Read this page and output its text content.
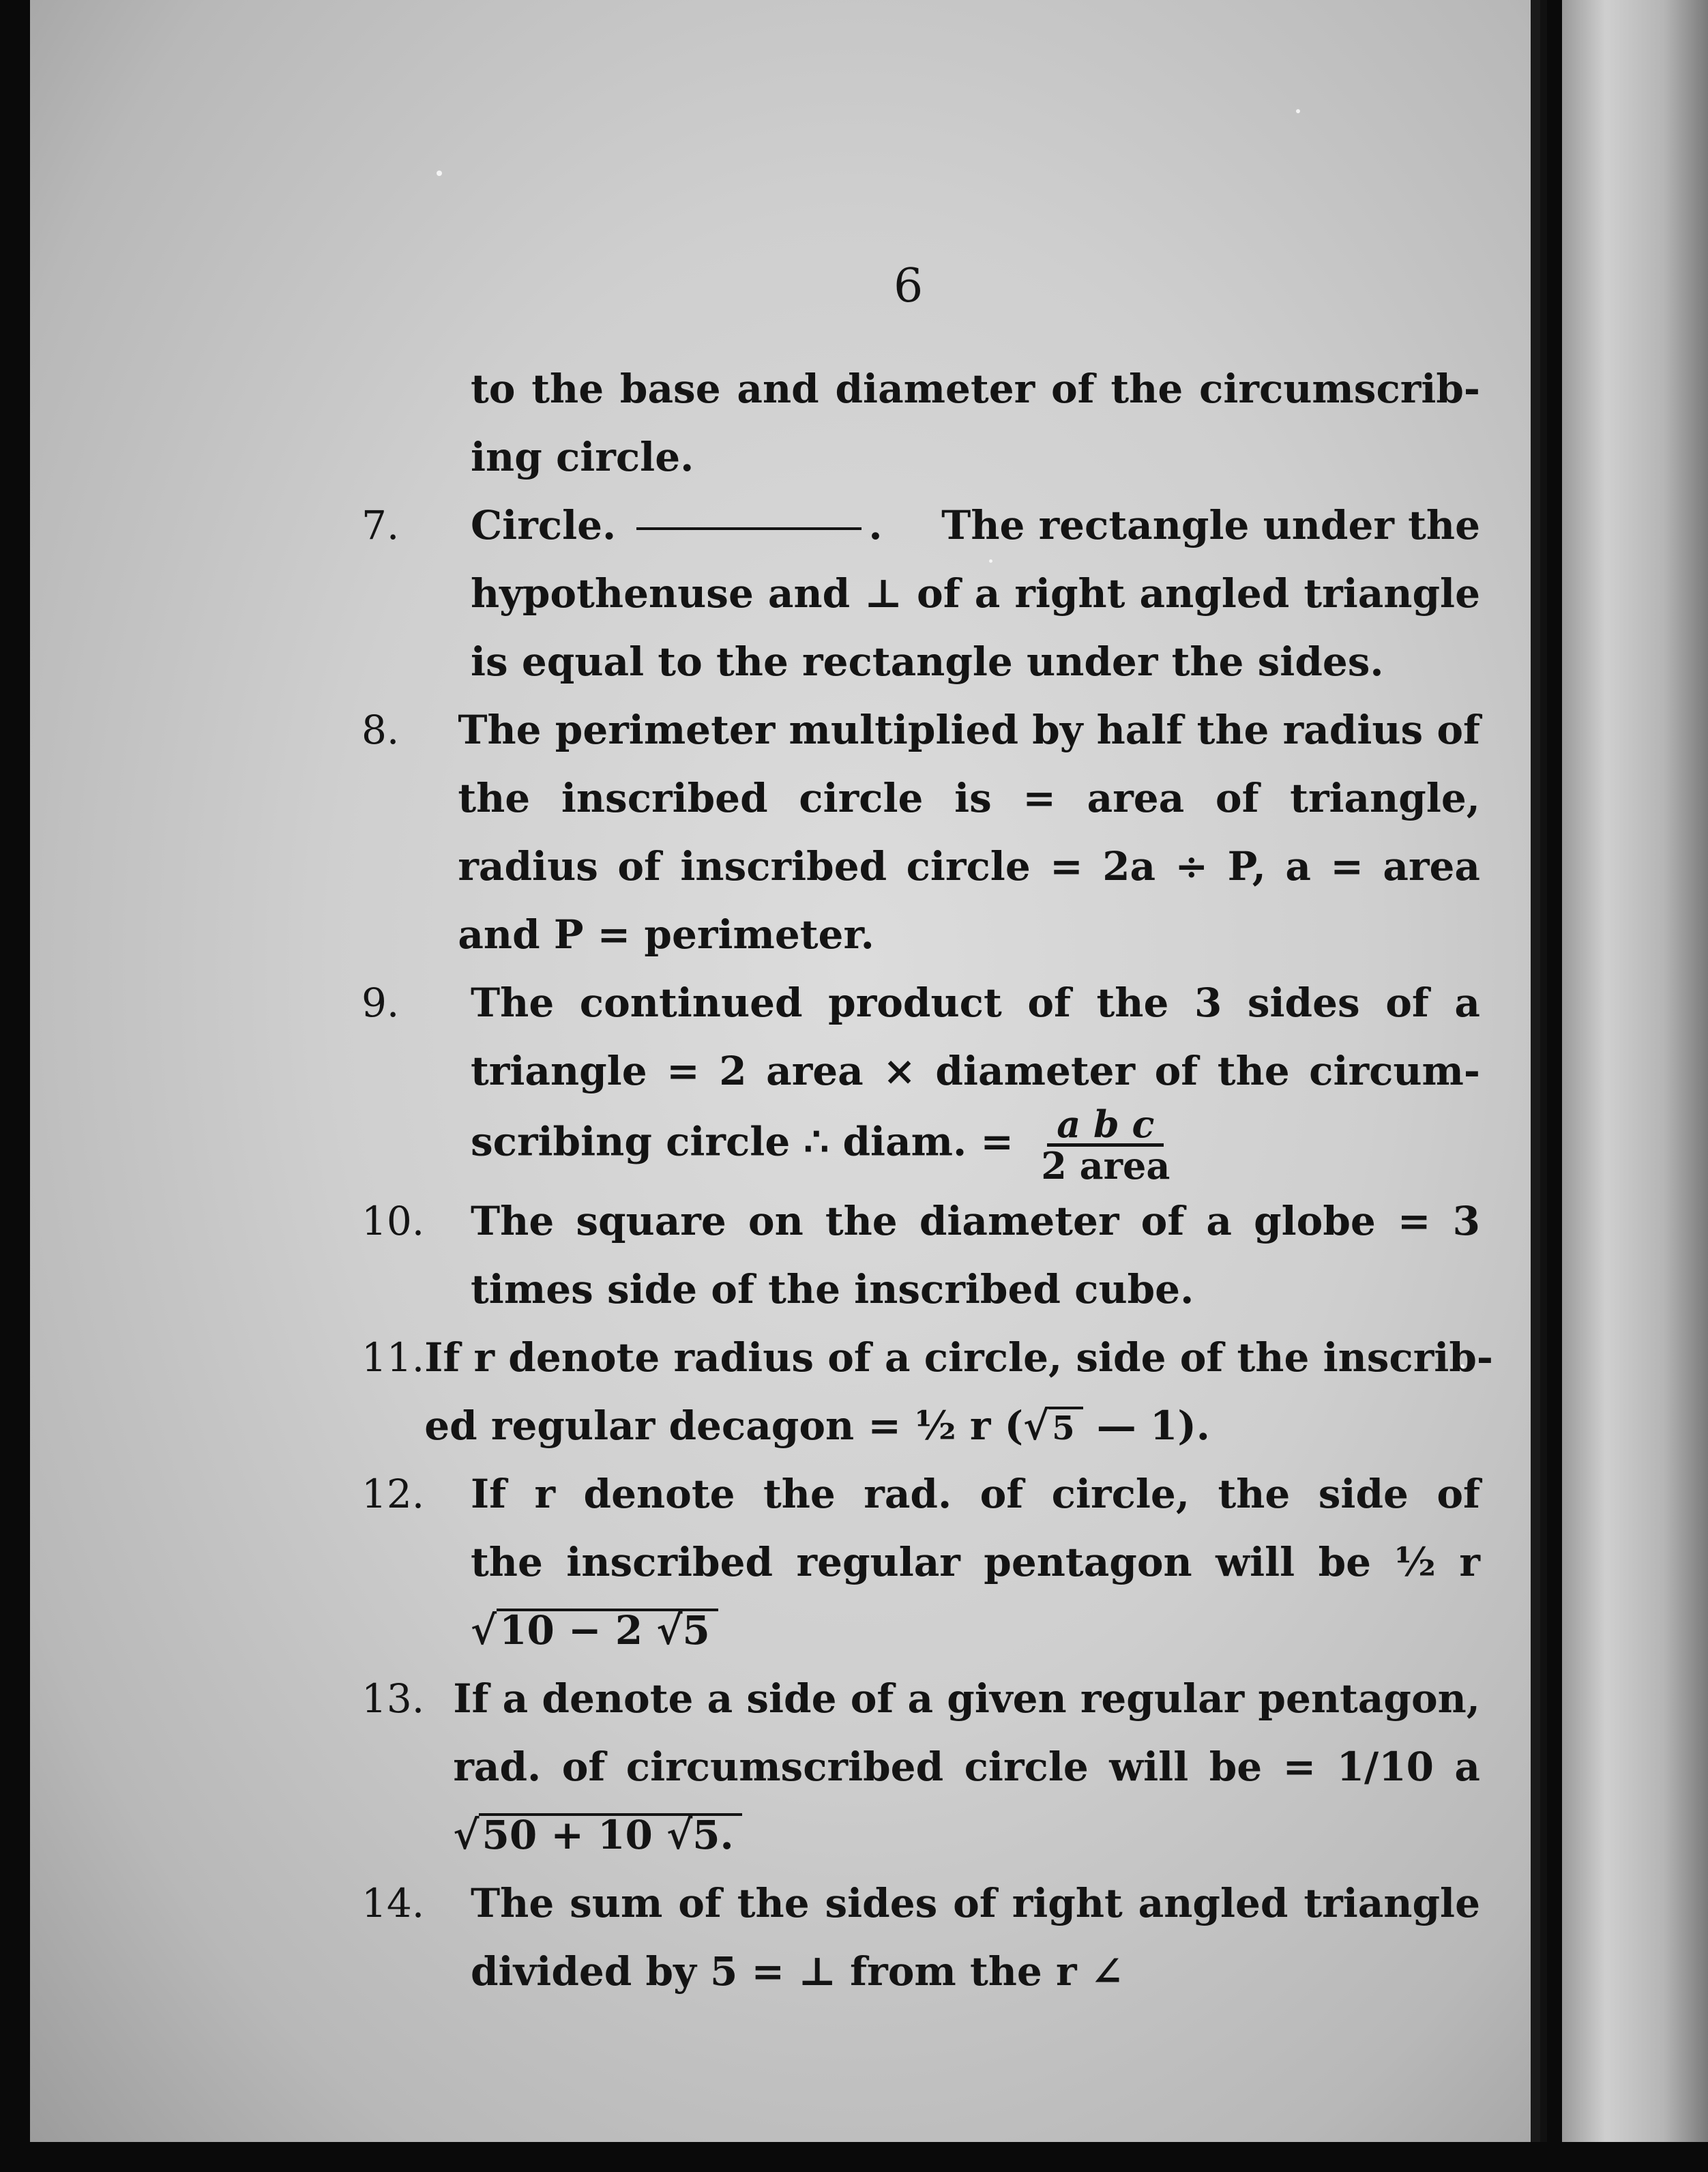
6
to the base and diameter of the circumscrib-
ing circle.
7.	Circle.	. The rectangle under the
hypothenuse and ⊥ of a right angled triangle
is equal to the rectangle under the sides.
8.	The perimeter multiplied by half the radius of
the inscribed circle is = area of triangle,
radius of inscribed circle = 2a ÷ P, a = area
and P = perimeter.
9.	The continued product of the 3 sides of a
triangle = 2 area × diameter of the circum-
scribing circle ∴ diam. = $\frac{\text{a b c}}{\text{2 area}}$
10.	The square on the diameter of a globe = 3
times side of the inscribed cube.
11. If r denote radius of a circle, side of the inscrib-
ed regular decagon = ½ r (√5 — 1).
12.	If r denote the rad. of circle, the side of
the inscribed regular pentagon will be ½ r
√10 − 2 √5
13. If a denote a side of a given regular pentagon,
rad. of circumscribed circle will be = 1/10 a
√50 + 10 √5.
14.	The sum of the sides of right angled triangle
divided by 5 = ⊥ from the r ∠
